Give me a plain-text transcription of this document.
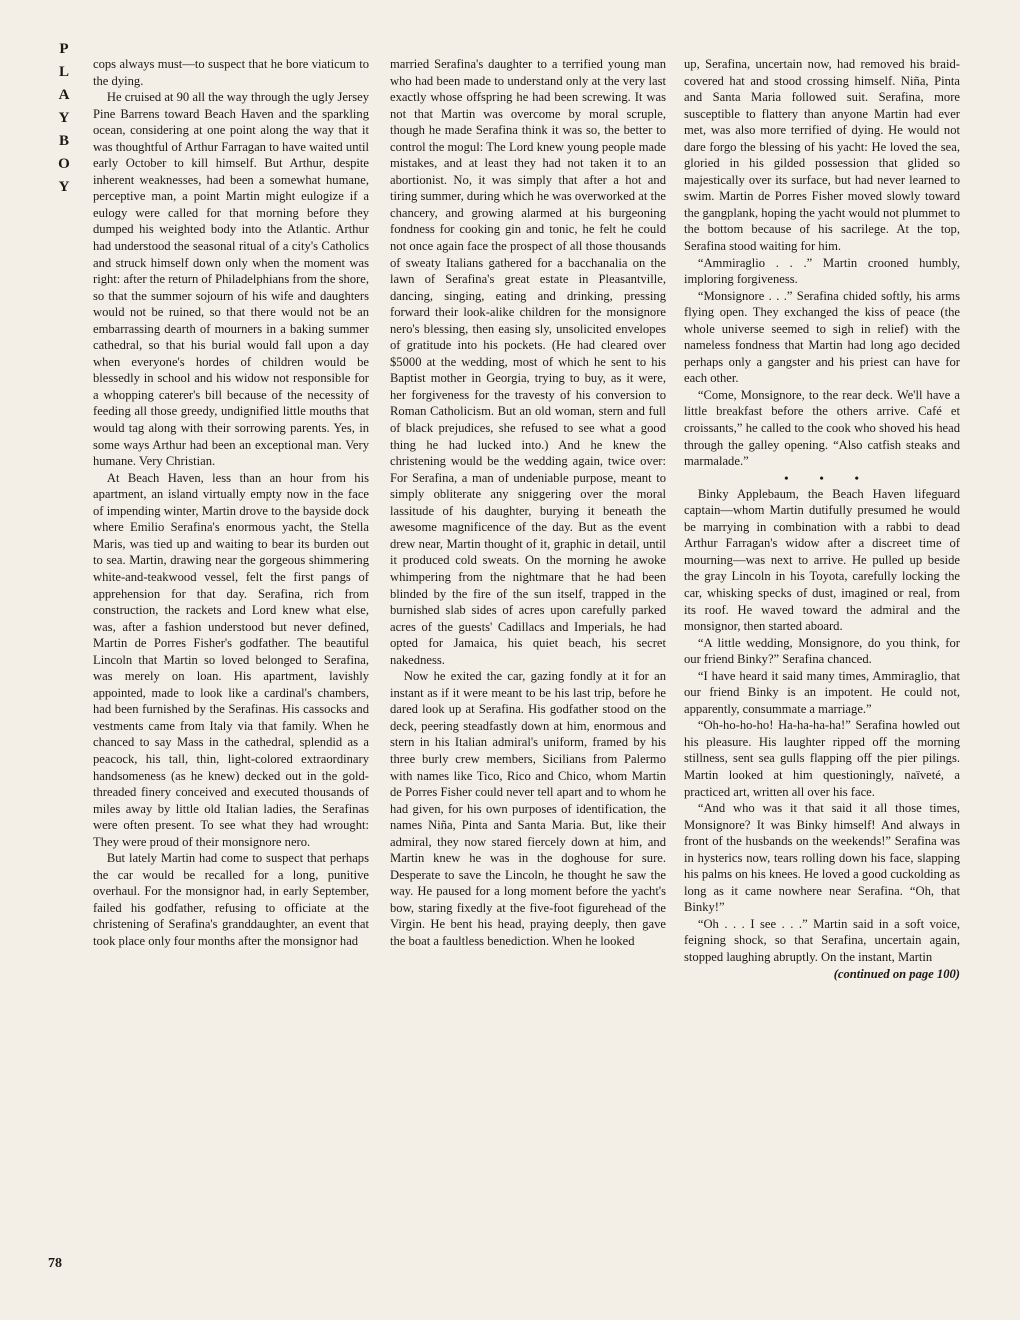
P
L
A
Y
B
O
Y
78

cops always must—to suspect that he bore viaticum to the dying.

He cruised at 90 all the way through the ugly Jersey Pine Barrens toward Beach Haven and the sparkling ocean, considering at one point along the way that it was thoughtful of Arthur Farragan to have waited until early October to kill himself. But Arthur, despite inherent weaknesses, had been a somewhat humane, perceptive man, a point Martin might eulogize if a eulogy were called for that morning before they dumped his weighted body into the Atlantic. Arthur had understood the seasonal ritual of a city's Catholics and struck himself down only when the moment was right: after the return of Philadelphians from the shore, so that the summer sojourn of his wife and daughters would not be ruined, so that there would not be an embarrassing dearth of mourners in a baking summer cathedral, so that his burial would fall upon a day when everyone's hordes of children would be blessedly in school and his widow not responsible for a whopping caterer's bill because of the necessity of feeding all those greedy, undignified little mouths that would tag along with their sorrowing parents. Yes, in some ways Arthur had been an exceptional man. Very humane. Very Christian.

At Beach Haven, less than an hour from his apartment, an island virtually empty now in the face of impending winter, Martin drove to the bayside dock where Emilio Serafina's enormous yacht, the Stella Maris, was tied up and waiting to bear its burden out to sea. Martin, drawing near the gorgeous shimmering white-and-teakwood vessel, felt the first pangs of apprehension for that day. Serafina, rich from construction, the rackets and Lord knew what else, was, after a fashion understood but never defined, Martin de Porres Fisher's godfather. The beautiful Lincoln that Martin so loved belonged to Serafina, was merely on loan. His apartment, lavishly appointed, made to look like a cardinal's chambers, had been furnished by the Serafinas. His cassocks and vestments came from Italy via that family. When he chanced to say Mass in the cathedral, splendid as a peacock, his tall, thin, light-colored extraordinary handsomeness (as he knew) decked out in the gold-threaded finery conceived and executed thousands of miles away by little old Italian ladies, the Serafinas were often present. To see what they had wrought: They were proud of their monsignore nero.

But lately Martin had come to suspect that perhaps the car would be recalled for a long, punitive overhaul. For the monsignor had, in early September, failed his godfather, refusing to officiate at the christening of Serafina's granddaughter, an event that took place only four months after the monsignor had

married Serafina's daughter to a terrified young man who had been made to understand only at the very last exactly whose offspring he had been screwing. It was not that Martin was overcome by moral scruple, though he made Serafina think it was so, the better to control the mogul: The Lord knew young people made mistakes, and at least they had not taken it to an abortionist. No, it was simply that after a hot and tiring summer, during which he was overworked at the chancery, and growing alarmed at his burgeoning fondness for cooking gin and tonic, he felt he could not once again face the prospect of all those thousands of sweaty Italians gathered for a bacchanalia on the lawn of Serafina's great estate in Pleasantville, dancing, singing, eating and drinking, pressing forward their look-alike children for the monsignore nero's blessing, then easing sly, unsolicited envelopes of gratitude into his pockets. (He had cleared over $5000 at the wedding, most of which he sent to his Baptist mother in Georgia, trying to buy, as it were, her forgiveness for the travesty of his conversion to Roman Catholicism. But an old woman, stern and full of black prejudices, she refused to see what a good thing he had lucked into.) And he knew the christening would be the wedding again, twice over: For Serafina, a man of undeniable purpose, meant to simply obliterate any sniggering over the moral lassitude of his daughter, burying it beneath the awesome magnificence of the day. But as the event drew near, Martin thought of it, graphic in detail, until it produced cold sweats. On the morning he awoke whimpering from the nightmare that he had been blinded by the fire of the sun itself, trapped in the burnished slab sides of acres upon carefully parked acres of the guests' Cadillacs and Imperials, he had opted for Jamaica, his quiet beach, his secret nakedness.

Now he exited the car, gazing fondly at it for an instant as if it were meant to be his last trip, before he dared look up at Serafina. His godfather stood on the deck, peering steadfastly down at him, enormous and stern in his Italian admiral's uniform, framed by his three burly crew members, Sicilians from Palermo with names like Tico, Rico and Chico, whom Martin de Porres Fisher could never tell apart and to whom he had given, for his own purposes of identification, the names Niña, Pinta and Santa Maria. But, like their admiral, they now stared fiercely down at him, and Martin knew he was in the doghouse for sure. Desperate to save the Lincoln, he thought he saw the way. He paused for a long moment before the yacht's bow, staring fixedly at the five-foot figurehead of the Virgin. He bent his head, praying deeply, then gave the boat a faultless benediction. When he looked

up, Serafina, uncertain now, had removed his braid-covered hat and stood crossing himself. Niña, Pinta and Santa Maria followed suit. Serafina, more susceptible to flattery than anyone Martin had ever met, was also more terrified of dying. He would not dare forgo the blessing of his yacht: He loved the sea, gloried in his gilded possession that glided so majestically over its surface, but had never learned to swim. Martin de Porres Fisher moved slowly toward the gangplank, hoping the yacht would not plummet to the bottom because of his sacrilege. At the top, Serafina stood waiting for him.

“Ammiraglio . . .” Martin crooned humbly, imploring forgiveness.

“Monsignore . . .” Serafina chided softly, his arms flying open. They exchanged the kiss of peace (the whole universe seemed to sigh in relief) with the nameless fondness that Martin had long ago decided perhaps only a gangster and his priest can have for each other.

“Come, Monsignore, to the rear deck. We'll have a little breakfast before the others arrive. Café et croissants,” he called to the cook who shoved his head through the galley opening. “Also catfish steaks and marmalade.”

• • •

Binky Applebaum, the Beach Haven lifeguard captain—whom Martin dutifully presumed he would be marrying in combination with a rabbi to dead Arthur Farragan's widow after a discreet time of mourning—was next to arrive. He pulled up beside the gray Lincoln in his Toyota, carefully locking the car, whisking specks of dust, imagined or real, from its roof. He waved toward the admiral and the monsignor, then started aboard.

“A little wedding, Monsignore, do you think, for our friend Binky?” Serafina chanced.

“I have heard it said many times, Ammiraglio, that our friend Binky is an impotent. He could not, apparently, consummate a marriage.”

“Oh-ho-ho-ho! Ha-ha-ha-ha!” Serafina howled out his pleasure. His laughter ripped off the morning stillness, sent sea gulls flapping off the pier pilings. Martin looked at him questioningly, naïveté, a practiced art, written all over his face.

“And who was it that said it all those times, Monsignore? It was Binky himself! And always in front of the husbands on the weekends!” Serafina was in hysterics now, tears rolling down his face, slapping his palms on his knees. He loved a good cuckolding as long as it came nowhere near Serafina. “Oh, that Binky!”

“Oh . . . I see . . .” Martin said in a soft voice, feigning shock, so that Serafina, uncertain again, stopped laughing abruptly. On the instant, Martin

(continued on page 100)
